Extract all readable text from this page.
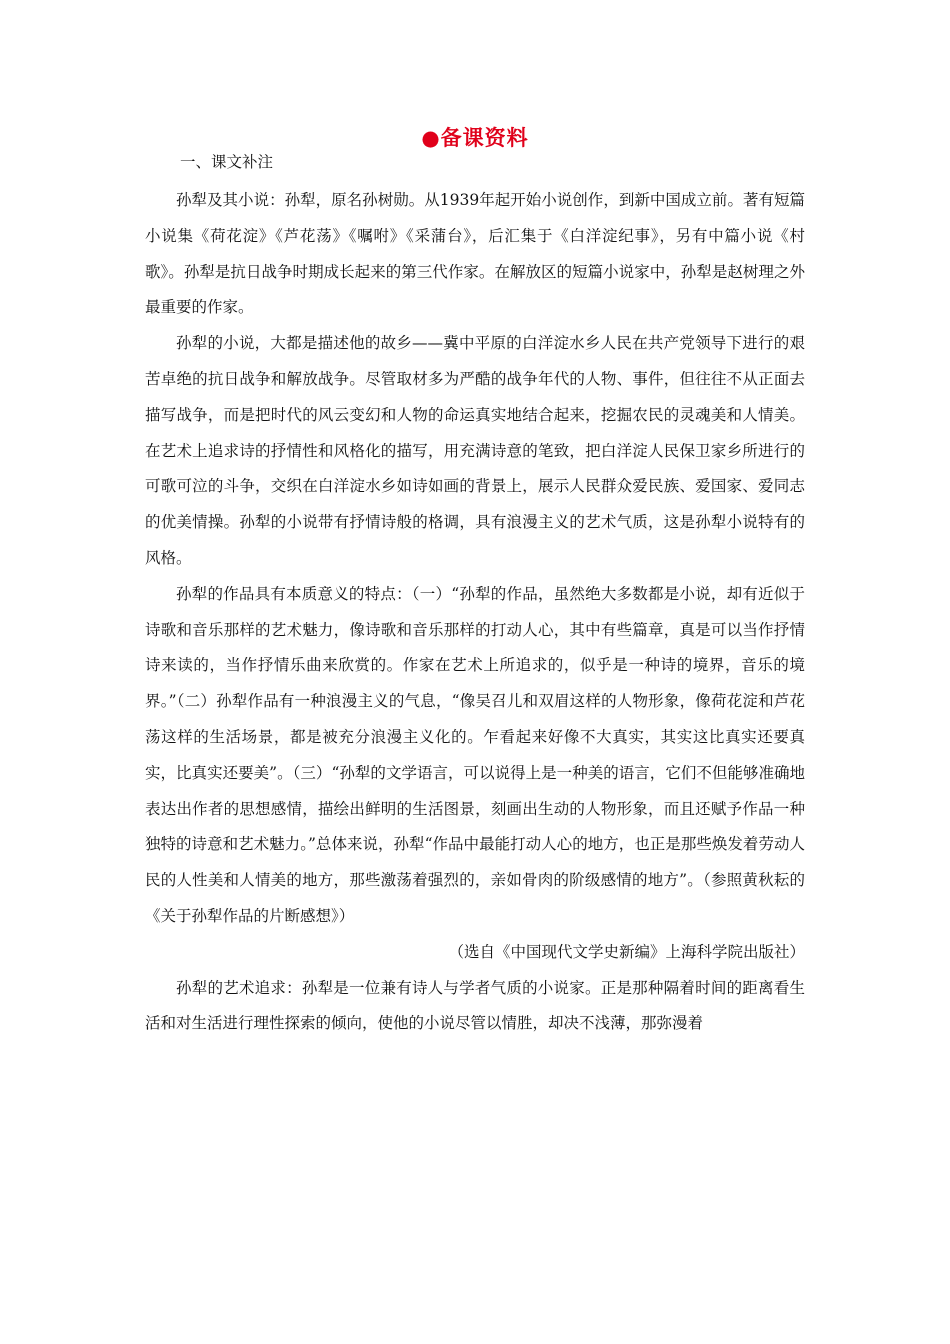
●备课资料
一、课文补注

孙犁及其小说：孙犁，原名孙树勋。从1939年起开始小说创作，到新中国成立前。著有短篇小说集《荷花淀》《芦花荡》《嘱咐》《采蒲台》，后汇集于《白洋淀纪事》，另有中篇小说《村歌》。孙犁是抗日战争时期成长起来的第三代作家。在解放区的短篇小说家中，孙犁是赵树理之外最重要的作家。

孙犁的小说，大都是描述他的故乡——冀中平原的白洋淀水乡人民在共产党领导下进行的艰苦卓绝的抗日战争和解放战争。尽管取材多为严酷的战争年代的人物、事件，但往往不从正面去描写战争，而是把时代的风云变幻和人物的命运真实地结合起来，挖掘农民的灵魂美和人情美。在艺术上追求诗的抒情性和风格化的描写，用充满诗意的笔致，把白洋淀人民保卫家乡所进行的可歌可泣的斗争，交织在白洋淀水乡如诗如画的背景上，展示人民群众爱民族、爱国家、爱同志的优美情操。孙犁的小说带有抒情诗般的格调，具有浪漫主义的艺术气质，这是孙犁小说特有的风格。

孙犁的作品具有本质意义的特点：（一）“孙犁的作品，虽然绝大多数都是小说，却有近似于诗歌和音乐那样的艺术魅力，像诗歌和音乐那样的打动人心，其中有些篇章，真是可以当作抒情诗来读的，当作抒情乐曲来欣赏的。作家在艺术上所追求的，似乎是一种诗的境界，音乐的境界。”（二）孙犁作品有一种浪漫主义的气息，“像吴召儿和双眉这样的人物形象，像荷花淀和芦花荡这样的生活场景，都是被充分浪漫主义化的。乍看起来好像不大真实，其实这比真实还要真实，比真实还要美”。（三）“孙犁的文学语言，可以说得上是一种美的语言，它们不但能够准确地表达出作者的思想感情，描绘出鲜明的生活图景，刻画出生动的人物形象，而且还赋予作品一种独特的诗意和艺术魅力。”总体来说，孙犁“作品中最能打动人心的地方，也正是那些焕发着劳动人民的人性美和人情美的地方，那些激荡着强烈的，亲如骨肉的阶级感情的地方”。（参照黄秋耘的《关于孙犁作品的片断感想》）

（选自《中国现代文学史新编》上海科学院出版社）

孙犁的艺术追求：孙犁是一位兼有诗人与学者气质的小说家。正是那种隔着时间的距离看生活和对生活进行理性探索的倾向，使他的小说尽管以情胜，却决不浅薄，那弥漫着
